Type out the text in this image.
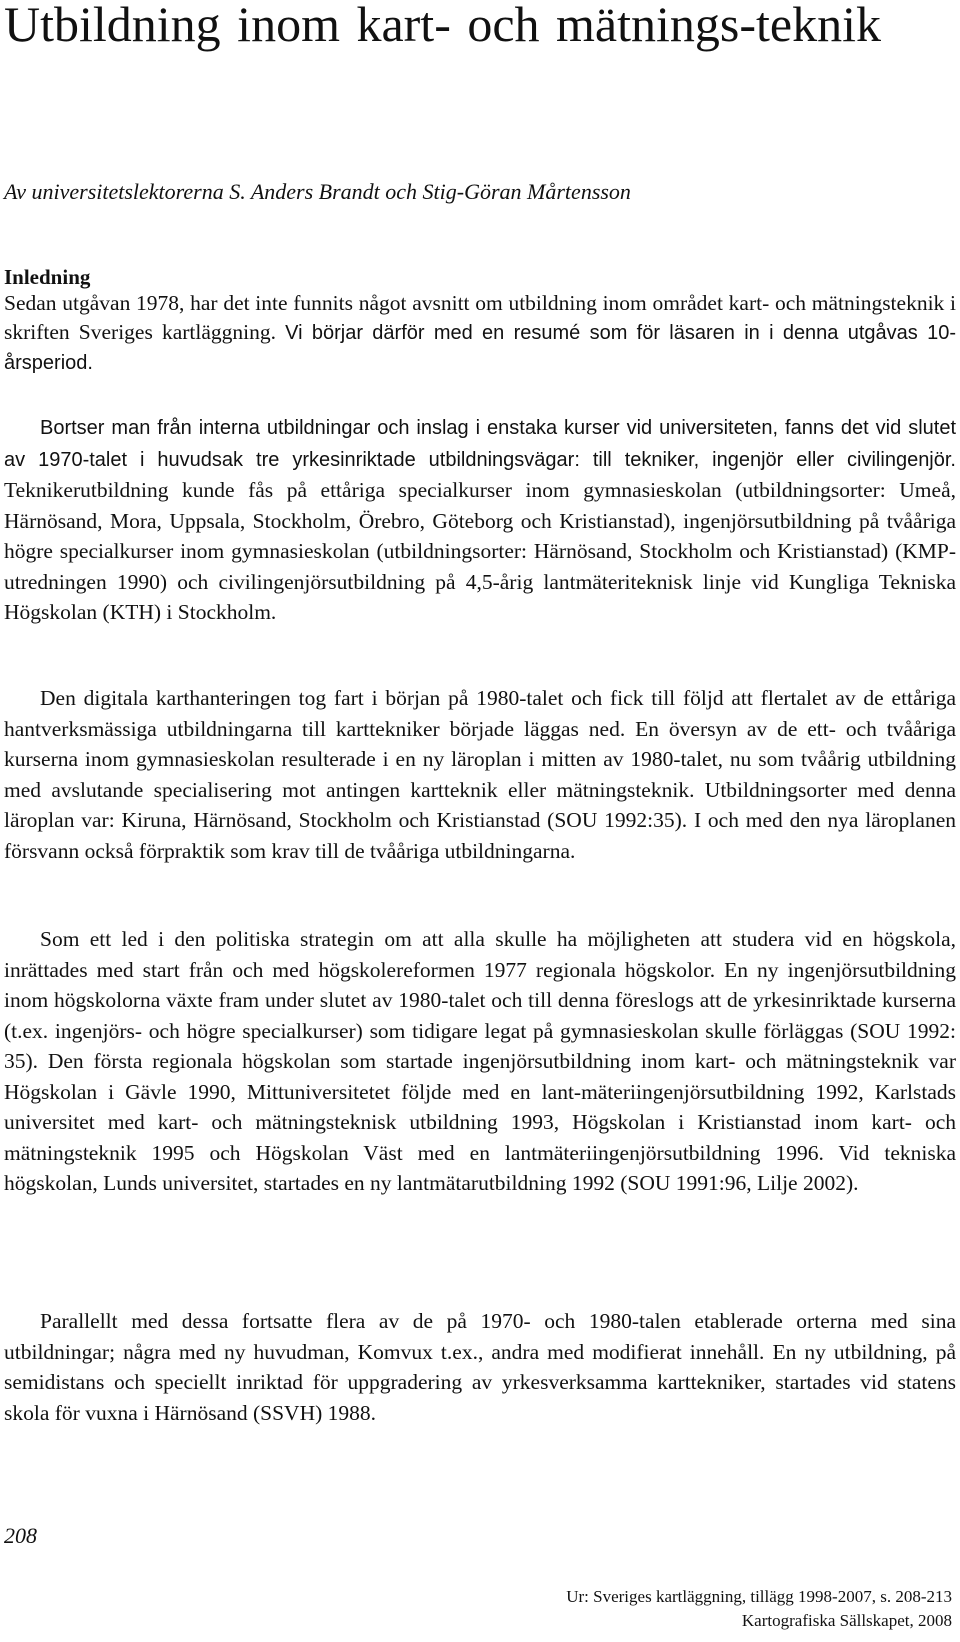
Utbildning inom kart- och mätnings-teknik

Av universitetslektorerna S. Anders Brandt och Stig-Göran Mårtensson

Inledning

Sedan utgåvan 1978, har det inte funnits något avsnitt om utbildning inom området kart- och mätningsteknik i skriften Sveriges kartläggning. Vi börjar därför med en resumé som för läsaren in i denna utgåvas 10-årsperiod.

Bortser man från interna utbildningar och inslag i enstaka kurser vid universiteten, fanns det vid slutet av 1970-talet i huvudsak tre yrkesinriktade utbildningsvägar: till tekniker, ingenjör eller civilingenjör. Teknikerutbildning kunde fås på ettåriga specialkurser inom gymnasieskolan (utbildningsorter: Umeå, Härnösand, Mora, Uppsala, Stockholm, Örebro, Göteborg och Kristianstad), ingenjörsutbildning på tvååriga högre specialkurser inom gymnasieskolan (utbildningsorter: Härnösand, Stockholm och Kristianstad) (KMP-utredningen 1990) och civilingenjörsutbildning på 4,5-årig lantmäteriteknisk linje vid Kungliga Tekniska Högskolan (KTH) i Stockholm.

Den digitala karthanteringen tog fart i början på 1980-talet och fick till följd att flertalet av de ettåriga hantverksmässiga utbildningarna till karttekniker började läggas ned. En översyn av de ett- och tvååriga kurserna inom gymnasieskolan resulterade i en ny läroplan i mitten av 1980-talet, nu som tvåårig utbildning med avslutande specialisering mot antingen kartteknik eller mätningsteknik. Utbildningsorter med denna läroplan var: Kiruna, Härnösand, Stockholm och Kristianstad (SOU 1992:35). I och med den nya läroplanen försvann också förpraktik som krav till de tvååriga utbildningarna.

Som ett led i den politiska strategin om att alla skulle ha möjligheten att studera vid en högskola, inrättades med start från och med högskolereformen 1977 regionala högskolor. En ny ingenjörsutbildning inom högskolorna växte fram under slutet av 1980-talet och till denna föreslogs att de yrkesinriktade kurserna (t.ex. ingenjörs- och högre specialkurser) som tidigare legat på gymnasieskolan skulle förläggas (SOU 1992: 35). Den första regionala högskolan som startade ingenjörsutbildning inom kart- och mätningsteknik var Högskolan i Gävle 1990, Mittuniversitetet följde med en lant-mäteriingenjörsutbildning 1992, Karlstads universitet med kart- och mätningsteknisk utbildning 1993, Högskolan i Kristianstad inom kart- och mätningsteknik 1995 och Högskolan Väst med en lantmäteriingenjörsutbildning 1996. Vid tekniska högskolan, Lunds universitet, startades en ny lantmätarutbildning 1992 (SOU 1991:96, Lilje 2002).

Parallellt med dessa fortsatte flera av de på 1970- och 1980-talen etablerade orterna med sina utbildningar; några med ny huvudman, Komvux t.ex., andra med modifierat innehåll. En ny utbildning, på semidistans och speciellt inriktad för uppgradering av yrkesverksamma karttekniker, startades vid statens skola för vuxna i Härnösand (SSVH) 1988.

208
Ur: Sveriges kartläggning, tillägg 1998-2007, s. 208-213
Kartografiska Sällskapet, 2008
